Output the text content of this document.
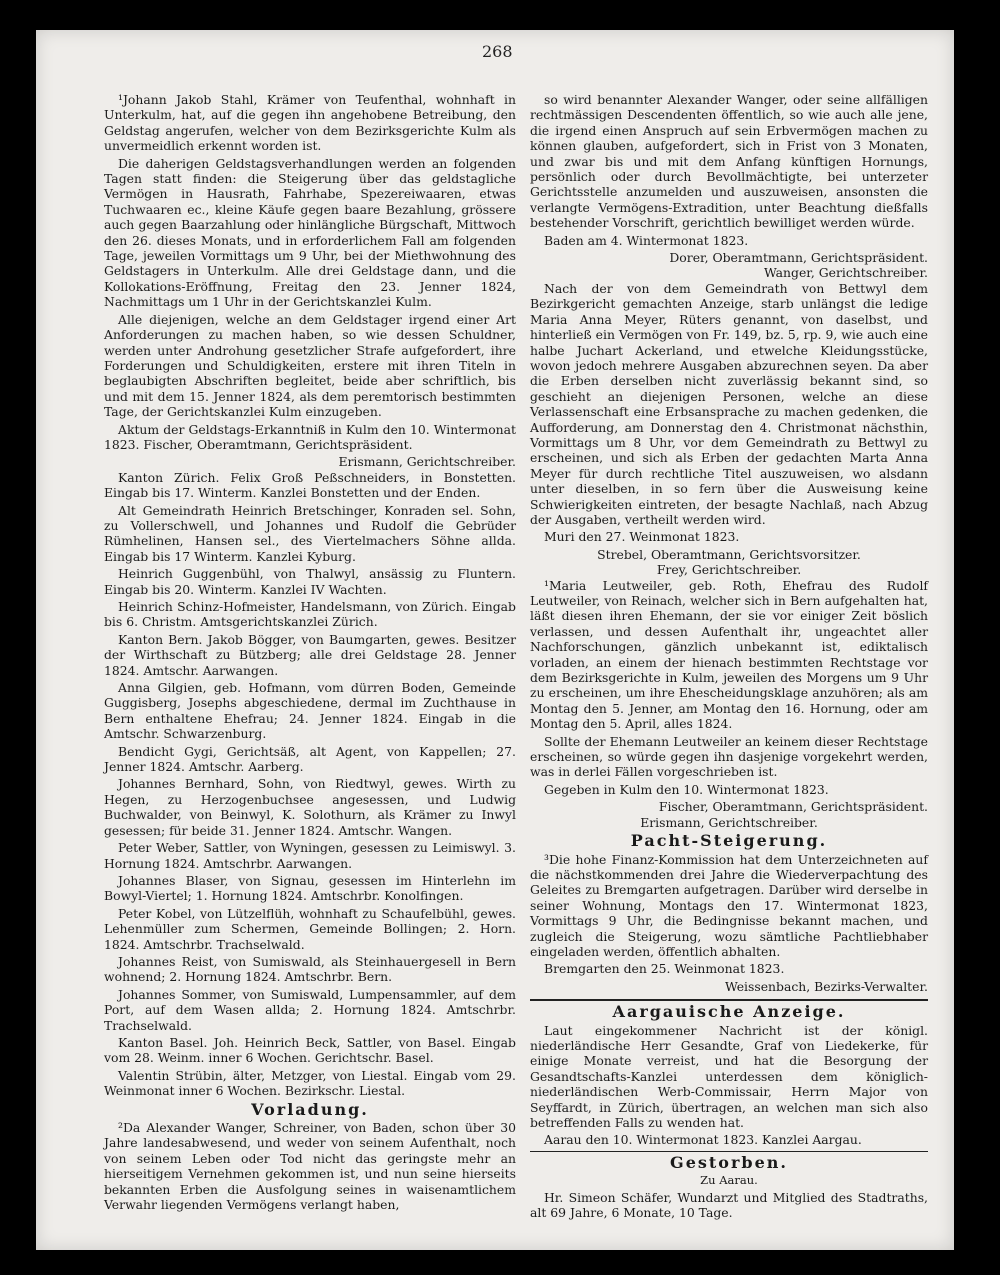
268

¹Johann Jakob Stahl, Krämer von Teufenthal, wohnhaft in Unterkulm, hat, auf die gegen ihn angehobene Betreibung, den Geldstag angerufen, welcher von dem Bezirksgerichte Kulm als unvermeidlich erkennt worden ist.

Die daherigen Geldstagsverhandlungen werden an folgenden Tagen statt finden: die Steigerung über das geldstagliche Vermögen in Hausrath, Fahrhabe, Spezereiwaaren, etwas Tuchwaaren ec., kleine Käufe gegen baare Bezahlung, grössere auch gegen Baarzahlung oder hinlängliche Bürgschaft, Mittwoch den 26. dieses Monats, und in erforderlichem Fall am folgenden Tage, jeweilen Vormittags um 9 Uhr, bei der Miethwohnung des Geldstagers in Unterkulm. Alle drei Geldstage dann, und die Kollokations-Eröffnung, Freitag den 23. Jenner 1824, Nachmittags um 1 Uhr in der Gerichtskanzlei Kulm.

Alle diejenigen, welche an dem Geldstager irgend einer Art Anforderungen zu machen haben, so wie dessen Schuldner, werden unter Androhung gesetzlicher Strafe aufgefordert, ihre Forderungen und Schuldigkeiten, erstere mit ihren Titeln in beglaubigten Abschriften begleitet, beide aber schriftlich, bis und mit dem 15. Jenner 1824, als dem peremtorisch bestimmten Tage, der Gerichtskanzlei Kulm einzugeben.

Aktum der Geldstags-Erkanntniß in Kulm den 10. Wintermonat 1823. Fischer, Oberamtmann, Gerichtspräsident.

Erismann, Gerichtschreiber.

Kanton Zürich. Felix Groß Peßschneiders, in Bonstetten. Eingab bis 17. Winterm. Kanzlei Bonstetten und der Enden.

Alt Gemeindrath Heinrich Bretschinger, Konraden sel. Sohn, zu Vollerschwell, und Johannes und Rudolf die Gebrüder Rümhelinen, Hansen sel., des Viertelmachers Söhne allda. Eingab bis 17 Winterm. Kanzlei Kyburg.

Heinrich Guggenbühl, von Thalwyl, ansässig zu Fluntern. Eingab bis 20. Winterm. Kanzlei IV Wachten.

Heinrich Schinz-Hofmeister, Handelsmann, von Zürich. Eingab bis 6. Christm. Amtsgerichtskanzlei Zürich.

Kanton Bern. Jakob Bögger, von Baumgarten, gewes. Besitzer der Wirthschaft zu Bützberg; alle drei Geldstage 28. Jenner 1824. Amtschr. Aarwangen.

Anna Gilgien, geb. Hofmann, vom dürren Boden, Gemeinde Guggisberg, Josephs abgeschiedene, dermal im Zuchthause in Bern enthaltene Ehefrau; 24. Jenner 1824. Eingab in die Amtschr. Schwarzenburg.

Bendicht Gygi, Gerichtsäß, alt Agent, von Kappellen; 27. Jenner 1824. Amtschr. Aarberg.

Johannes Bernhard, Sohn, von Riedtwyl, gewes. Wirth zu Hegen, zu Herzogenbuchsee angesessen, und Ludwig Buchwalder, von Beinwyl, K. Solothurn, als Krämer zu Inwyl gesessen; für beide 31. Jenner 1824. Amtschr. Wangen.

Peter Weber, Sattler, von Wyningen, gesessen zu Leimiswyl. 3. Hornung 1824. Amtschrbr. Aarwangen.

Johannes Blaser, von Signau, gesessen im Hinterlehn im Bowyl-Viertel; 1. Hornung 1824. Amtschrbr. Konolfingen.

Peter Kobel, von Lützelflüh, wohnhaft zu Schaufelbühl, gewes. Lehenmüller zum Schermen, Gemeinde Bollingen; 2. Horn. 1824. Amtschrbr. Trachselwald.

Johannes Reist, von Sumiswald, als Steinhauergesell in Bern wohnend; 2. Hornung 1824. Amtschrbr. Bern.

Johannes Sommer, von Sumiswald, Lumpensammler, auf dem Port, auf dem Wasen allda; 2. Hornung 1824. Amtschrbr. Trachselwald.

Kanton Basel. Joh. Heinrich Beck, Sattler, von Basel. Eingab vom 28. Weinm. inner 6 Wochen. Gerichtschr. Basel.

Valentin Strübin, älter, Metzger, von Liestal. Eingab vom 29. Weinmonat inner 6 Wochen. Bezirkschr. Liestal.

Vorladung.

²Da Alexander Wanger, Schreiner, von Baden, schon über 30 Jahre landesabwesend, und weder von seinem Aufenthalt, noch von seinem Leben oder Tod nicht das geringste mehr an hierseitigem Vernehmen gekommen ist, und nun seine hierseits bekannten Erben die Ausfolgung seines in waisenamtlichem Verwahr liegenden Vermögens verlangt haben,

so wird benannter Alexander Wanger, oder seine allfälligen rechtmässigen Descendenten öffentlich, so wie auch alle jene, die irgend einen Anspruch auf sein Erbvermögen machen zu können glauben, aufgefordert, sich in Frist von 3 Monaten, und zwar bis und mit dem Anfang künftigen Hornungs, persönlich oder durch Bevollmächtigte, bei unterzeter Gerichtsstelle anzumelden und auszuweisen, ansonsten die verlangte Vermögens-Extradition, unter Beachtung dießfalls bestehender Vorschrift, gerichtlich bewilliget werden würde.

Baden am 4. Wintermonat 1823.

Dorer, Oberamtmann, Gerichtspräsident.

Wanger, Gerichtschreiber.

Nach der von dem Gemeindrath von Bettwyl dem Bezirkgericht gemachten Anzeige, starb unlängst die ledige Maria Anna Meyer, Rüters genannt, von daselbst, und hinterließ ein Vermögen von Fr. 149, bz. 5, rp. 9, wie auch eine halbe Juchart Ackerland, und etwelche Kleidungsstücke, wovon jedoch mehrere Ausgaben abzurechnen seyen. Da aber die Erben derselben nicht zuverlässig bekannt sind, so geschieht an diejenigen Personen, welche an diese Verlassenschaft eine Erbsansprache zu machen gedenken, die Aufforderung, am Donnerstag den 4. Christmonat nächsthin, Vormittags um 8 Uhr, vor dem Gemeindrath zu Bettwyl zu erscheinen, und sich als Erben der gedachten Marta Anna Meyer für durch rechtliche Titel auszuweisen, wo alsdann unter dieselben, in so fern über die Ausweisung keine Schwierigkeiten eintreten, der besagte Nachlaß, nach Abzug der Ausgaben, vertheilt werden wird.

Muri den 27. Weinmonat 1823.

Strebel, Oberamtmann, Gerichtsvorsitzer.

Frey, Gerichtschreiber.

¹Maria Leutweiler, geb. Roth, Ehefrau des Rudolf Leutweiler, von Reinach, welcher sich in Bern aufgehalten hat, läßt diesen ihren Ehemann, der sie vor einiger Zeit böslich verlassen, und dessen Aufenthalt ihr, ungeachtet aller Nachforschungen, gänzlich unbekannt ist, ediktalisch vorladen, an einem der hienach bestimmten Rechtstage vor dem Bezirksgerichte in Kulm, jeweilen des Morgens um 9 Uhr zu erscheinen, um ihre Ehescheidungsklage anzuhören; als am Montag den 5. Jenner, am Montag den 16. Hornung, oder am Montag den 5. April, alles 1824.

Sollte der Ehemann Leutweiler an keinem dieser Rechtstage erscheinen, so würde gegen ihn dasjenige vorgekehrt werden, was in derlei Fällen vorgeschrieben ist.

Gegeben in Kulm den 10. Wintermonat 1823.

Fischer, Oberamtmann, Gerichtspräsident.

Erismann, Gerichtschreiber.

Pacht-Steigerung.

³Die hohe Finanz-Kommission hat dem Unterzeichneten auf die nächstkommenden drei Jahre die Wiederverpachtung des Geleites zu Bremgarten aufgetragen. Darüber wird derselbe in seiner Wohnung, Montags den 17. Wintermonat 1823, Vormittags 9 Uhr, die Bedingnisse bekannt machen, und zugleich die Steigerung, wozu sämtliche Pachtliebhaber eingeladen werden, öffentlich abhalten.

Bremgarten den 25. Weinmonat 1823.

Weissenbach, Bezirks-Verwalter.

Aargauische Anzeige.

Laut eingekommener Nachricht ist der königl. niederländische Herr Gesandte, Graf von Liedekerke, für einige Monate verreist, und hat die Besorgung der Gesandtschafts-Kanzlei unterdessen dem königlich-niederländischen Werb-Commissair, Herrn Major von Seyffardt, in Zürich, übertragen, an welchen man sich also betreffenden Falls zu wenden hat.

Aarau den 10. Wintermonat 1823. Kanzlei Aargau.

Gestorben.
Zu Aarau.

Hr. Simeon Schäfer, Wundarzt und Mitglied des Stadtraths, alt 69 Jahre, 6 Monate, 10 Tage.
